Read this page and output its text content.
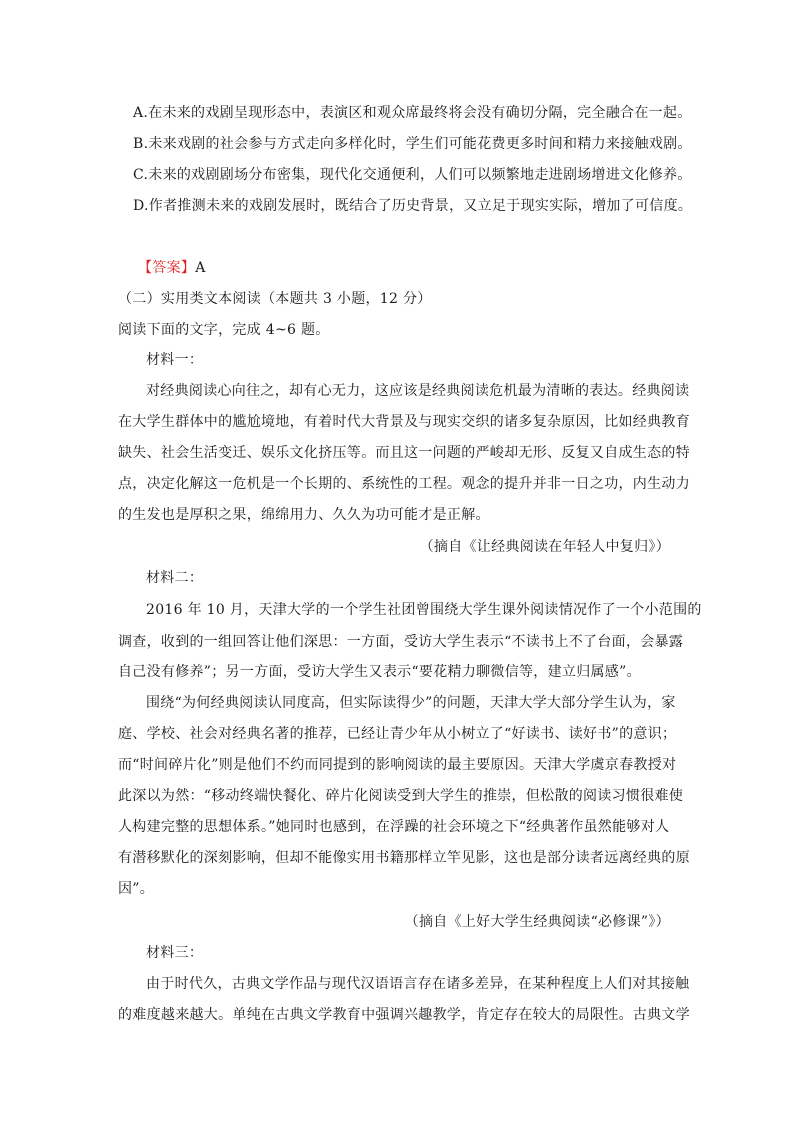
A.在未来的戏剧呈现形态中，表演区和观众席最终将会没有确切分隔，完全融合在一起。
B.未来戏剧的社会参与方式走向多样化时，学生们可能花费更多时间和精力来接触戏剧。
C.未来的戏剧剧场分布密集，现代化交通便利，人们可以频繁地走进剧场增进文化修养。
D.作者推测未来的戏剧发展时，既结合了历史背景，又立足于现实实际，增加了可信度。
【答案】A
（二）实用类文本阅读（本题共 3 小题，12 分）
阅读下面的文字，完成 4~6 题。
材料一：
对经典阅读心向往之，却有心无力，这应该是经典阅读危机最为清晰的表达。经典阅读
在大学生群体中的尴尬境地，有着时代大背景及与现实交织的诸多复杂原因，比如经典教育
缺失、社会生活变迁、娱乐文化挤压等。而且这一问题的严峻却无形、反复又自成生态的特
点，决定化解这一危机是一个长期的、系统性的工程。观念的提升并非一日之功，内生动力
的生发也是厚积之果，绵绵用力、久久为功可能才是正解。
（摘自《让经典阅读在年轻人中复归》）
材料二：
2016 年 10 月，天津大学的一个学生社团曾围绕大学生课外阅读情况作了一个小范围的
调查，收到的一组回答让他们深思：一方面，受访大学生表示“不读书上不了台面，会暴露
自己没有修养”；另一方面，受访大学生又表示“要花精力聊微信等，建立归属感”。
围绕“为何经典阅读认同度高，但实际读得少”的问题，天津大学大部分学生认为，家
庭、学校、社会对经典名著的推荐，已经让青少年从小树立了“好读书、读好书”的意识；
而“时间碎片化”则是他们不约而同提到的影响阅读的最主要原因。天津大学虞京春教授对
此深以为然：“移动终端快餐化、碎片化阅读受到大学生的推崇，但松散的阅读习惯很难使
人构建完整的思想体系。”她同时也感到，在浮躁的社会环境之下“经典著作虽然能够对人
有潜移默化的深刻影响，但却不能像实用书籍那样立竿见影，这也是部分读者远离经典的原
因”。
（摘自《上好大学生经典阅读“必修课”》）
材料三：
由于时代久，古典文学作品与现代汉语语言存在诸多差异，在某种程度上人们对其接触
的难度越来越大。单纯在古典文学教育中强调兴趣教学，肯定存在较大的局限性。古典文学
